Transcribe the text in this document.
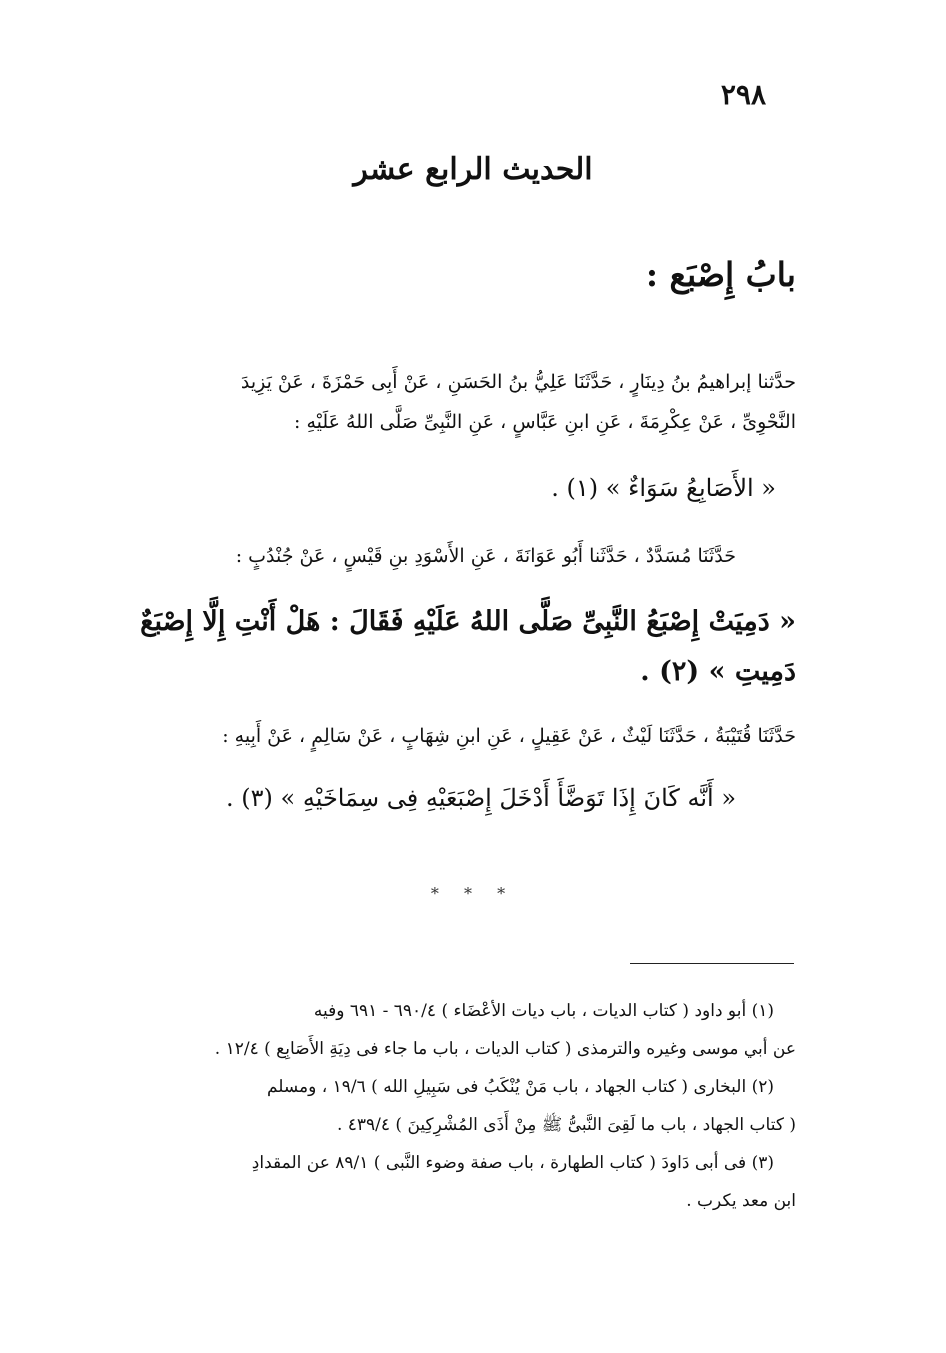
٢٩٨
الحديث الرابع عشر
بابُ إِصْبَع :
حدَّثنا إبراهيمُ بنُ دِينَارٍ ، حَدَّثَنَا عَلِيُّ بنُ الحَسَنِ ، عَنْ أَبِى حَمْزَةَ ، عَنْ يَزِيدَ
النَّحْوِىِّ ، عَنْ عِكْرِمَةَ ، عَنِ ابنِ عَبَّاسٍ ، عَنِ النَّبِىِّ صَلَّى اللهُ عَلَيْهِ :
« الأَصَابِعُ سَوَاءٌ » (١) .
حَدَّثَنَا مُسَدَّدٌ ، حَدَّثَنا أَبُو عَوَانَةَ ، عَنِ الأَسْوَدِ بنِ قَيْسٍ ، عَنْ جُنْدُبٍ :
« دَمِيَتْ إِصْبَعُ النَّبِىِّ صَلَّى اللهُ عَلَيْهِ فَقَالَ : هَلْ أَنْتِ إِلَّا إِصْبَعٌ
دَمِيتِ » (٢) .
حَدَّثَنَا قُتَيْبَةُ ، حَدَّثَنَا لَيْثٌ ، عَنْ عَقِيلٍ ، عَنِ ابنِ شِهَابٍ ، عَنْ سَالِمٍ ، عَنْ أَبِيهِ :
« أَنَّه كَانَ إِذَا تَوَضَّأَ أَدْخَلَ إِصْبَعَيْهِ فِى سِمَاخَيْهِ » (٣) .
* * *
(١) أبو داود ( كتاب الديات ، باب ديات الأعْضَاء ) ٦٩٠/٤ - ٦٩١ وفيه
عن أبي موسى وغيره والترمذى ( كتاب الديات ، باب ما جاء فى دِيَةِ الأَصَابِع ) ١٢/٤ .
(٢) البخارى ( كتاب الجهاد ، باب مَنْ يُنْكَبُ فى سَبِيلِ الله ) ١٩/٦ ، ومسلم
( كتاب الجهاد ، باب ما لَقِىَ النَّبىُّ ﷺ مِنْ أَذَى المُشْرِكِينَ ) ٤٣٩/٤ .
(٣) فى أبى دَاودَ ( كتاب الطهارة ، باب صفة وضوء النَّبى ) ٨٩/١ عن المقدادِ
ابن معد يكرب .
